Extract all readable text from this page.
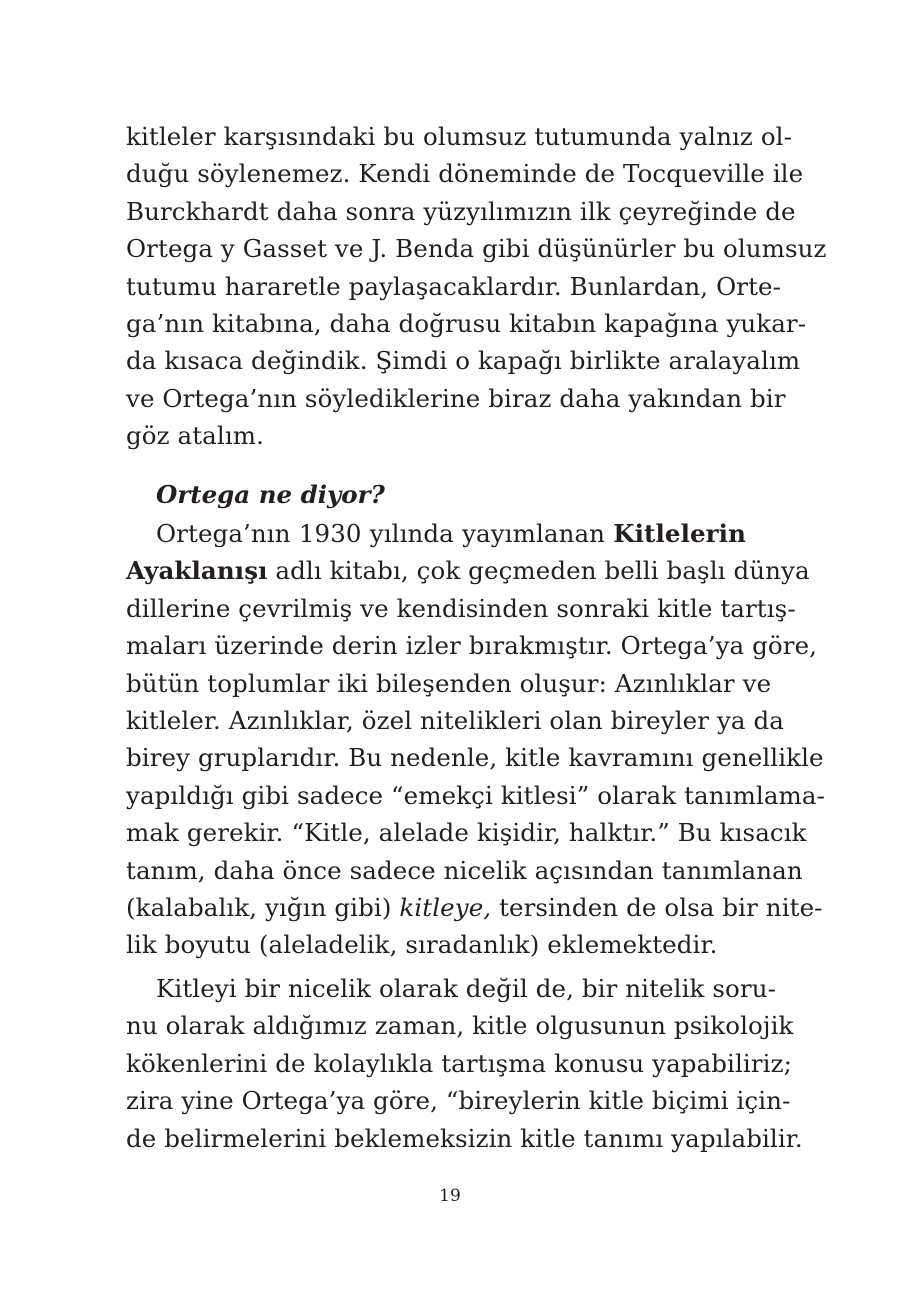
kitleler karşısındaki bu olumsuz tutumunda yalnız ol-
duğu söylenemez. Kendi döneminde de Tocqueville ile
Burckhardt daha sonra yüzyılımızın ilk çeyreğinde de
Ortega y Gasset ve J. Benda gibi düşünürler bu olumsuz
tutumu hararetle paylaşacaklardır. Bunlardan, Orte-
ga’nın kitabına, daha doğrusu kitabın kapağına yukar-
da kısaca değindik. Şimdi o kapağı birlikte aralayalım
ve Ortega’nın söylediklerine biraz daha yakından bir
göz atalım.
Ortega ne diyor?
Ortega’nın 1930 yılında yayımlanan Kitlelerin
Ayaklanışı adlı kitabı, çok geçmeden belli başlı dünya
dillerine çevrilmiş ve kendisinden sonraki kitle tartış-
maları üzerinde derin izler bırakmıştır. Ortega’ya göre,
bütün toplumlar iki bileşenden oluşur: Azınlıklar ve
kitleler. Azınlıklar, özel nitelikleri olan bireyler ya da
birey gruplarıdır. Bu nedenle, kitle kavramını genellikle
yapıldığı gibi sadece “emekçi kitlesi” olarak tanımlama-
mak gerekir. “Kitle, alelade kişidir, halktır.” Bu kısacık
tanım, daha önce sadece nicelik açısından tanımlanan
(kalabalık, yığın gibi) kitleye, tersinden de olsa bir nite-
lik boyutu (aleladelik, sıradanlık) eklemektedir.
Kitleyi bir nicelik olarak değil de, bir nitelik soru-
nu olarak aldığımız zaman, kitle olgusunun psikolojik
kökenlerini de kolaylıkla tartışma konusu yapabiliriz;
zira yine Ortega’ya göre, “bireylerin kitle biçimi için-
de belirmelerini beklemeksizin kitle tanımı yapılabilir.
19
